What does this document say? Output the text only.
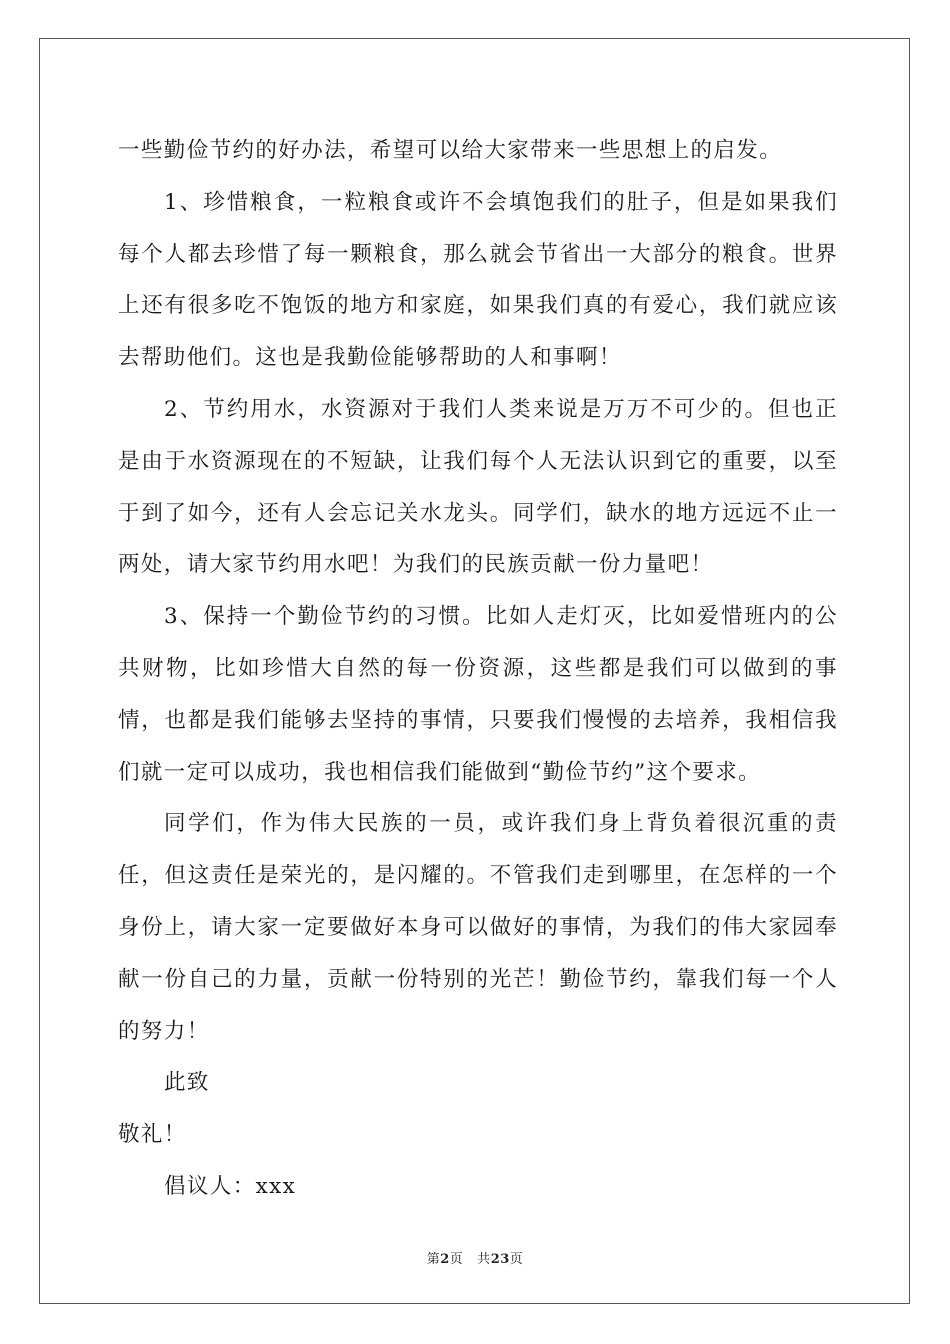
一些勤俭节约的好办法，希望可以给大家带来一些思想上的启发。

1、珍惜粮食，一粒粮食或许不会填饱我们的肚子，但是如果我们每个人都去珍惜了每一颗粮食，那么就会节省出一大部分的粮食。世界上还有很多吃不饱饭的地方和家庭，如果我们真的有爱心，我们就应该去帮助他们。这也是我勤俭能够帮助的人和事啊！

2、节约用水，水资源对于我们人类来说是万万不可少的。但也正是由于水资源现在的不短缺，让我们每个人无法认识到它的重要，以至于到了如今，还有人会忘记关水龙头。同学们，缺水的地方远远不止一两处，请大家节约用水吧！为我们的民族贡献一份力量吧！

3、保持一个勤俭节约的习惯。比如人走灯灭，比如爱惜班内的公共财物，比如珍惜大自然的每一份资源，这些都是我们可以做到的事情，也都是我们能够去坚持的事情，只要我们慢慢的去培养，我相信我们就一定可以成功，我也相信我们能做到“勤俭节约”这个要求。

同学们，作为伟大民族的一员，或许我们身上背负着很沉重的责任，但这责任是荣光的，是闪耀的。不管我们走到哪里，在怎样的一个身份上，请大家一定要做好本身可以做好的事情，为我们的伟大家园奉献一份自己的力量，贡献一份特别的光芒！勤俭节约，靠我们每一个人的努力！

此致

敬礼！

倡议人：xxx

第2页 共23页
